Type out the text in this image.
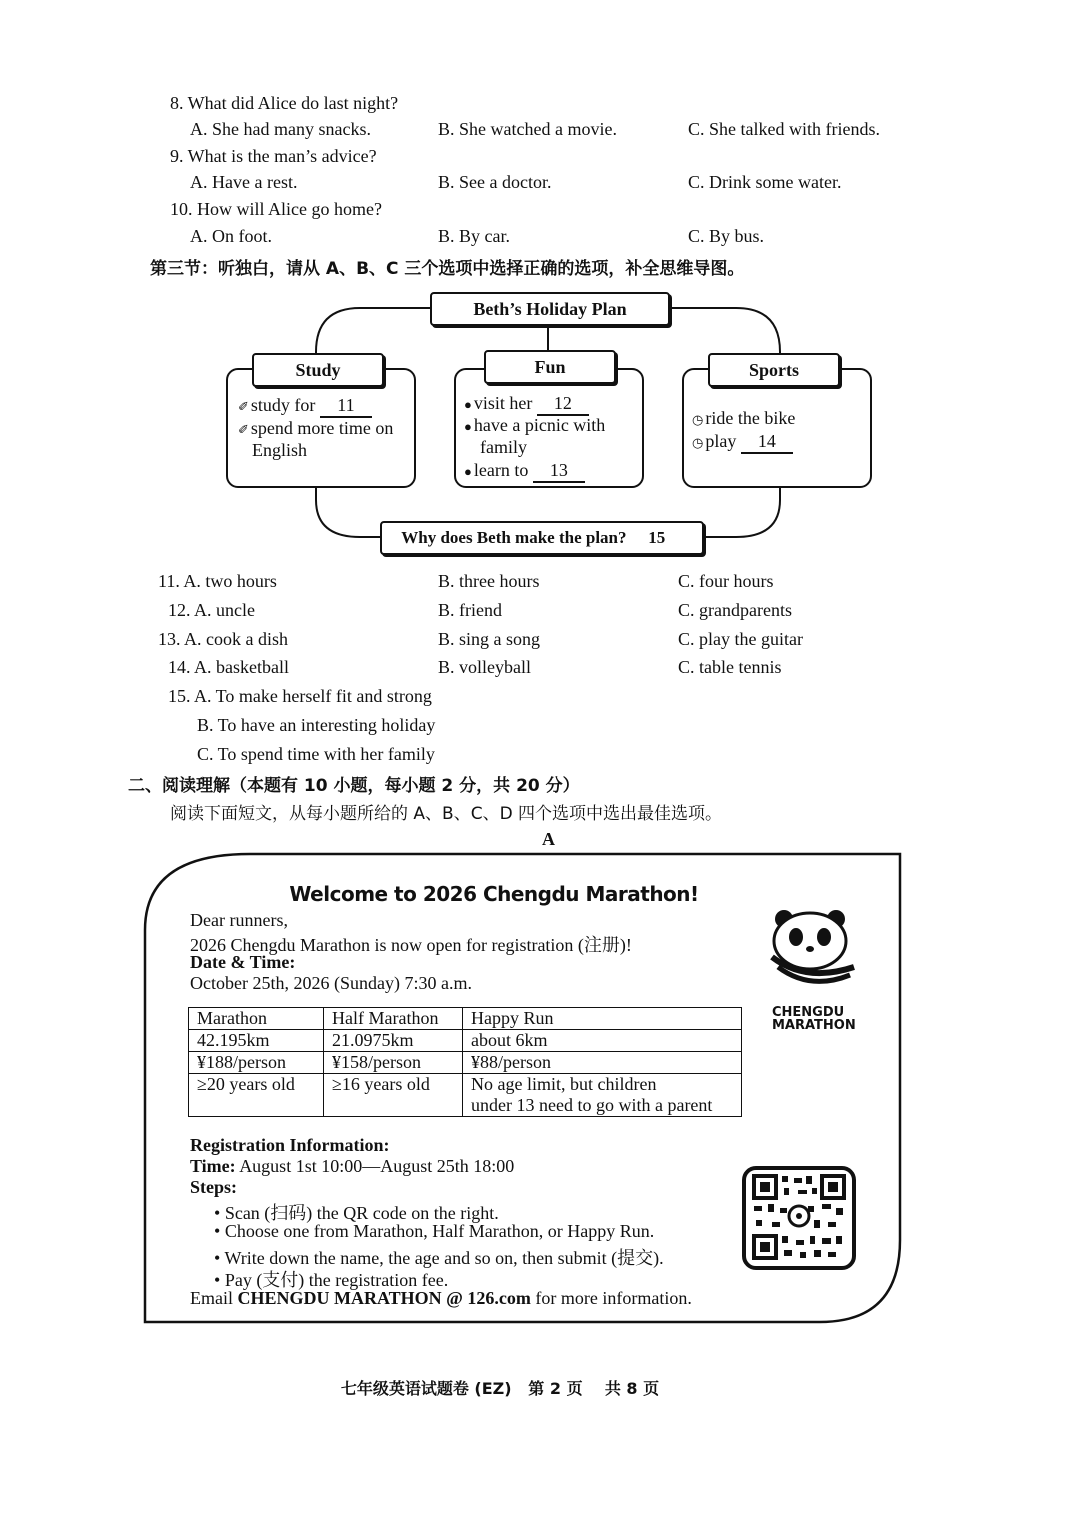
8. What did Alice do last night?
A. She had many snacks.	B. She watched a movie.	C. She talked with friends.
9. What is the man’s advice?
A. Have a rest.	B. See a doctor.	C. Drink some water.
10. How will Alice go home?
A. On foot.	B. By car.	C. By bus.
第三节：听独白，请从 A、B、C 三个选项中选择正确的选项，补全思维导图。
Beth’s Holiday Plan
Study
✐ study for 11
✐ spend more time on
English
Fun
● visit her 12
● have a picnic with
family
● learn to 13
Sports
◷ ride the bike
◷ play 14
Why does Beth make the plan? 15
11. A. two hours	B. three hours	C. four hours
12. A. uncle	B. friend	C. grandparents
13. A. cook a dish	B. sing a song	C. play the guitar
14. A. basketball	B. volleyball	C. table tennis
15. A. To make herself fit and strong
B. To have an interesting holiday
C. To spend time with her family
二、阅读理解（本题有 10 小题，每小题 2 分，共 20 分）
阅读下面短文，从每小题所给的 A、B、C、D 四个选项中选出最佳选项。
A
Welcome to 2026 Chengdu Marathon!
Dear runners,
2026 Chengdu Marathon is now open for registration (注册)!
Date & Time:
October 25th, 2026 (Sunday) 7:30 a.m.
Marathon	Half Marathon	Happy Run
42.195km	21.0975km	about 6km
¥188/person	¥158/person	¥88/person
≥20 years old	≥16 years old	No age limit, but children
under 13 need to go with a parent
CHENGDU
MARATHON
Registration Information:
Time: August 1st 10:00—August 25th 18:00
Steps:
• Scan (扫码) the QR code on the right.
• Choose one from Marathon, Half Marathon, or Happy Run.
• Write down the name, the age and so on, then submit (提交).
• Pay (支付) the registration fee.
Email CHENGDU MARATHON @ 126.com for more information.
七年级英语试题卷 (EZ)   第 2 页    共 8 页
